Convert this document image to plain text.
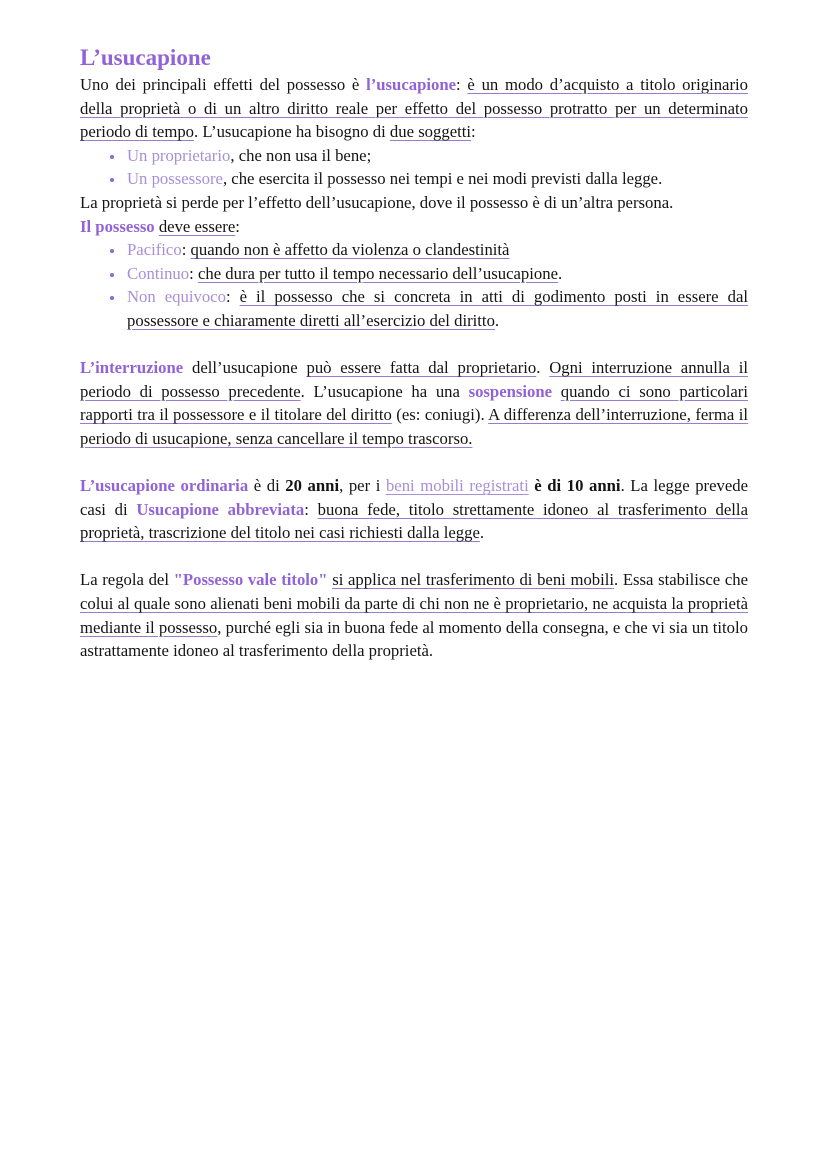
L’usucapione

Uno dei principali effetti del possesso è l’usucapione: è un modo d’acquisto a titolo originario della proprietà o di un altro diritto reale per effetto del possesso protratto per un determinato periodo di tempo. L’usucapione ha bisogno di due soggetti:

• Un proprietario, che non usa il bene;
• Un possessore, che esercita il possesso nei tempi e nei modi previsti dalla legge.

La proprietà si perde per l’effetto dell’usucapione, dove il possesso è di un’altra persona.

Il possesso deve essere:

• Pacifico: quando non è affetto da violenza o clandestinità
• Continuo: che dura per tutto il tempo necessario dell’usucapione.
• Non equivoco: è il possesso che si concreta in atti di godimento posti in essere dal possessore e chiaramente diretti all’esercizio del diritto.

L’interruzione dell’usucapione può essere fatta dal proprietario. Ogni interruzione annulla il periodo di possesso precedente. L’usucapione ha una sospensione quando ci sono particolari rapporti tra il possessore e il titolare del diritto (es: coniugi). A differenza dell’interruzione, ferma il periodo di usucapione, senza cancellare il tempo trascorso.

L’usucapione ordinaria è di 20 anni, per i beni mobili registrati è di 10 anni. La legge prevede casi di Usucapione abbreviata: buona fede, titolo strettamente idoneo al trasferimento della proprietà, trascrizione del titolo nei casi richiesti dalla legge.

La regola del "Possesso vale titolo" si applica nel trasferimento di beni mobili. Essa stabilisce che colui al quale sono alienati beni mobili da parte di chi non ne è proprietario, ne acquista la proprietà mediante il possesso, purché egli sia in buona fede al momento della consegna, e che vi sia un titolo astrattamente idoneo al trasferimento della proprietà.
